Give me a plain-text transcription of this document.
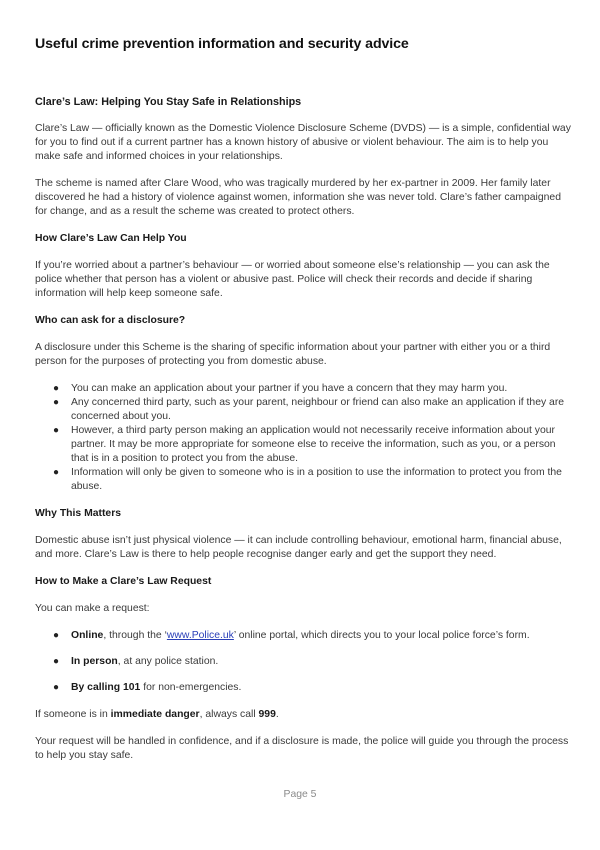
Useful crime prevention information and security advice
Clare’s Law: Helping You Stay Safe in Relationships

Clare’s Law — officially known as the Domestic Violence Disclosure Scheme (DVDS) — is a simple, confidential way for you to find out if a current partner has a known history of abusive or violent behaviour. The aim is to help you make safe and informed choices in your relationships.

The scheme is named after Clare Wood, who was tragically murdered by her ex-partner in 2009. Her family later discovered he had a history of violence against women, information she was never told. Clare’s father campaigned for change, and as a result the scheme was created to protect others.

How Clare’s Law Can Help You

If you’re worried about a partner’s behaviour — or worried about someone else’s relationship — you can ask the police whether that person has a violent or abusive past. Police will check their records and decide if sharing information will help keep someone safe.

Who can ask for a disclosure?

A disclosure under this Scheme is the sharing of specific information about your partner with either you or a third person for the purposes of protecting you from domestic abuse.

● You can make an application about your partner if you have a concern that they may harm you.
● Any concerned third party, such as your parent, neighbour or friend can also make an application if they are concerned about you.
● However, a third party person making an application would not necessarily receive information about your partner. It may be more appropriate for someone else to receive the information, such as you, or a person that is in a position to protect you from the abuse.
● Information will only be given to someone who is in a position to use the information to protect you from the abuse.
Why This Matters

Domestic abuse isn’t just physical violence — it can include controlling behaviour, emotional harm, financial abuse, and more. Clare’s Law is there to help people recognise danger early and get the support they need.

How to Make a Clare’s Law Request

You can make a request:

● Online, through the ‘www.Police.uk’ online portal, which directs you to your local police force’s form.
● In person, at any police station.
● By calling 101 for non-emergencies.

If someone is in immediate danger, always call 999.

Your request will be handled in confidence, and if a disclosure is made, the police will guide you through the process to help you stay safe.

Page 5
